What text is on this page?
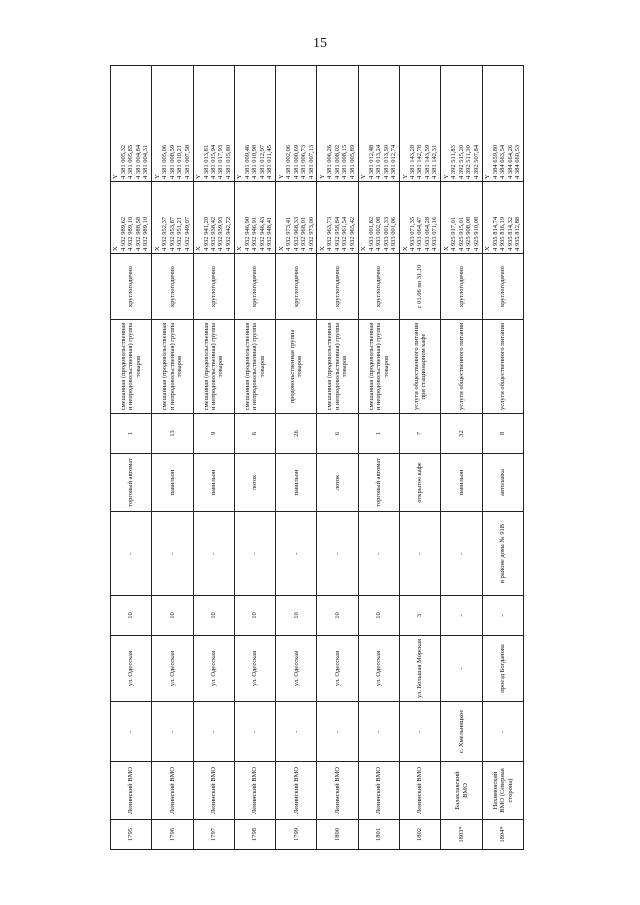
15
1795	Ленинский ВМО	-	ул. Одесская	10	-	торговый автомат	1	смешанная (продовольственная и непродовольственная) группа товаров	круглогодично	X 4 932 989,62 4 932 989,10 4 932 988,58 4 932 989,10	Y 4 381 005,32 4 381 005,85 4 381 004,84 4 381 004,31

1796	Ленинский ВМО	-	ул. Одесская	10	-	павильон	13	смешанная (продовольственная и непродовольственная) группа товаров	круглогодично	X 4 932 952,37 4 932 953,87 4 932 951,21 4 932 949,07	Y 4 381 005,06 4 381 008,59 4 381 010,21 4 381 007,58

1797	Ленинский ВМО	-	ул. Одесская	10	-	павильон	9	смешанная (продовольственная и непродовольственная) группа товаров	круглогодично	X 4 932 941,20 4 932 938,42 4 932 939,93 4 932 942,72	Y 4 381 013,81 4 381 015,94 4 381 017,93 4 381 015,80

1798	Ленинский ВМО	-	ул. Одесская	10	-	лоток	6	смешанная (продовольственная и непродовольственная) группа товаров	круглогодично	X 4 932 946,90 4 932 946,91 4 932 946,43 4 932 948,41	Y 4 381 009,46 4 381 010,98 4 381 012,97 4 381 011,45

1799	Ленинский ВМО	-	ул. Одесская	10	-	павильон	26	продовольственная группа товаров	круглогодично	X 4 932 973,41 4 932 968,33 4 932 968,01 4 932 973,00	Y 4 381 002,06 4 381 000,69 4 381 006,73 4 381 007,13

1800	Ленинский ВМО	-	ул. Одесская	10	-	лоток	6	смешанная (продовольственная и непродовольственная) группа товаров	круглогодично	X 4 932 963,73 4 932 958,84 4 932 961,54 4 932 965,42	Y 4 381 006,26 4 381 008,02 4 381 008,15 4 381 005,89

1801	Ленинский ВМО	-	ул. Одесская	10	-	торговый автомат	1	смешанная (продовольственная и непродовольственная) группа товаров	круглогодично	X 4 933 001,82 4 933 002,08 4 933 001,33 4 933 001,06	Y 4 381 012,48 4 381 013,24 4 381 013,50 4 381 012,74

1802	Ленинский ВМО	-	ул. Большая Морская	3	-	открытое кафе	7	услуги общественного питания при стационарном кафе	с 01.06 по 31.10	X 4 933 071,35 4 933 064,47 4 933 064,28 4 933 071,16	Y 4 381 143,28 4 381 142,78 4 381 143,59 4 381 142,31

1803*	Балаклавский ВМО	с. Хмельницкое	-	-	-	павильон	32	услуги общественного питания	круглогодично	X 4 925 917,01 4 925 915,01 4 925 908,08 4 925 910,08	Y 4 392 511,83 4 392 515,20 4 392 511,30 4 392 507,84

1804*	Нахимовский ВМО (Северная сторона)	-	проезд Богданова	-	в районе дома № 91В	автолавка	8	услуги общественного питания	круглогодично	X 4 935 814,74 4 935 816,19 4 935 814,32 4 935 812,88	Y 4 384 659,80 4 384 663,54 4 384 664,26 4 384 660,53
